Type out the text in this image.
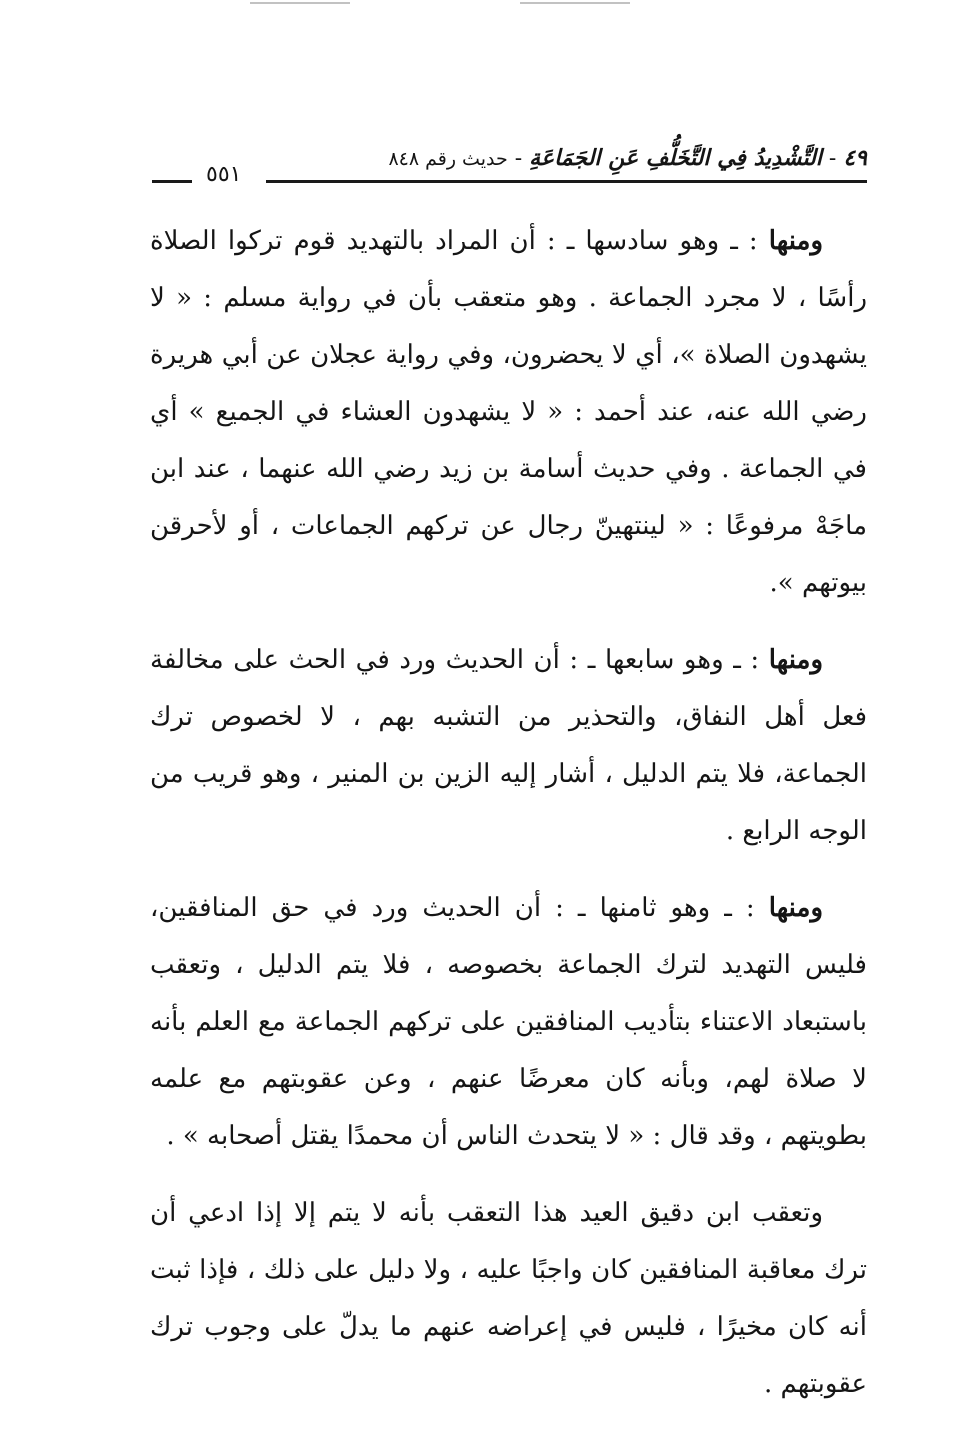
٤٩ - التَّشْدِيدُ فِي التَّخَلُّفِ عَنِ الجَمَاعَةِ - حديث رقم ٨٤٨
٥٥١

ومنها : ـ وهو سادسها ـ : أن المراد بالتهديد قوم تركوا الصلاة رأسًا ، لا مجرد الجماعة . وهو متعقب بأن في رواية مسلم : « لا يشهدون الصلاة »، أي لا يحضرون، وفي رواية عجلان عن أبي هريرة رضي الله عنه، عند أحمد : « لا يشهدون العشاء في الجميع » أي في الجماعة . وفي حديث أسامة بن زيد رضي الله عنهما ، عند ابن ماجَهْ مرفوعًا : « لينتهينّ رجال عن تركهم الجماعات ، أو لأحرقن بيوتهم ».

ومنها : ـ وهو سابعها ـ : أن الحديث ورد في الحث على مخالفة فعل أهل النفاق، والتحذير من التشبه بهم ، لا لخصوص ترك الجماعة، فلا يتم الدليل ، أشار إليه الزين بن المنير ، وهو قريب من الوجه الرابع .

ومنها : ـ وهو ثامنها ـ : أن الحديث ورد في حق المنافقين، فليس التهديد لترك الجماعة بخصوصه ، فلا يتم الدليل ، وتعقب باستبعاد الاعتناء بتأديب المنافقين على تركهم الجماعة مع العلم بأنه لا صلاة لهم، وبأنه كان معرضًا عنهم ، وعن عقوبتهم مع علمه بطويتهم ، وقد قال : « لا يتحدث الناس أن محمدًا يقتل أصحابه » .

وتعقب ابن دقيق العيد هذا التعقب بأنه لا يتم إلا إذا ادعي أن ترك معاقبة المنافقين كان واجبًا عليه ، ولا دليل على ذلك ، فإذا ثبت أنه كان مخيرًا ، فليس في إعراضه عنهم ما يدلّ على وجوب ترك عقوبتهم .
